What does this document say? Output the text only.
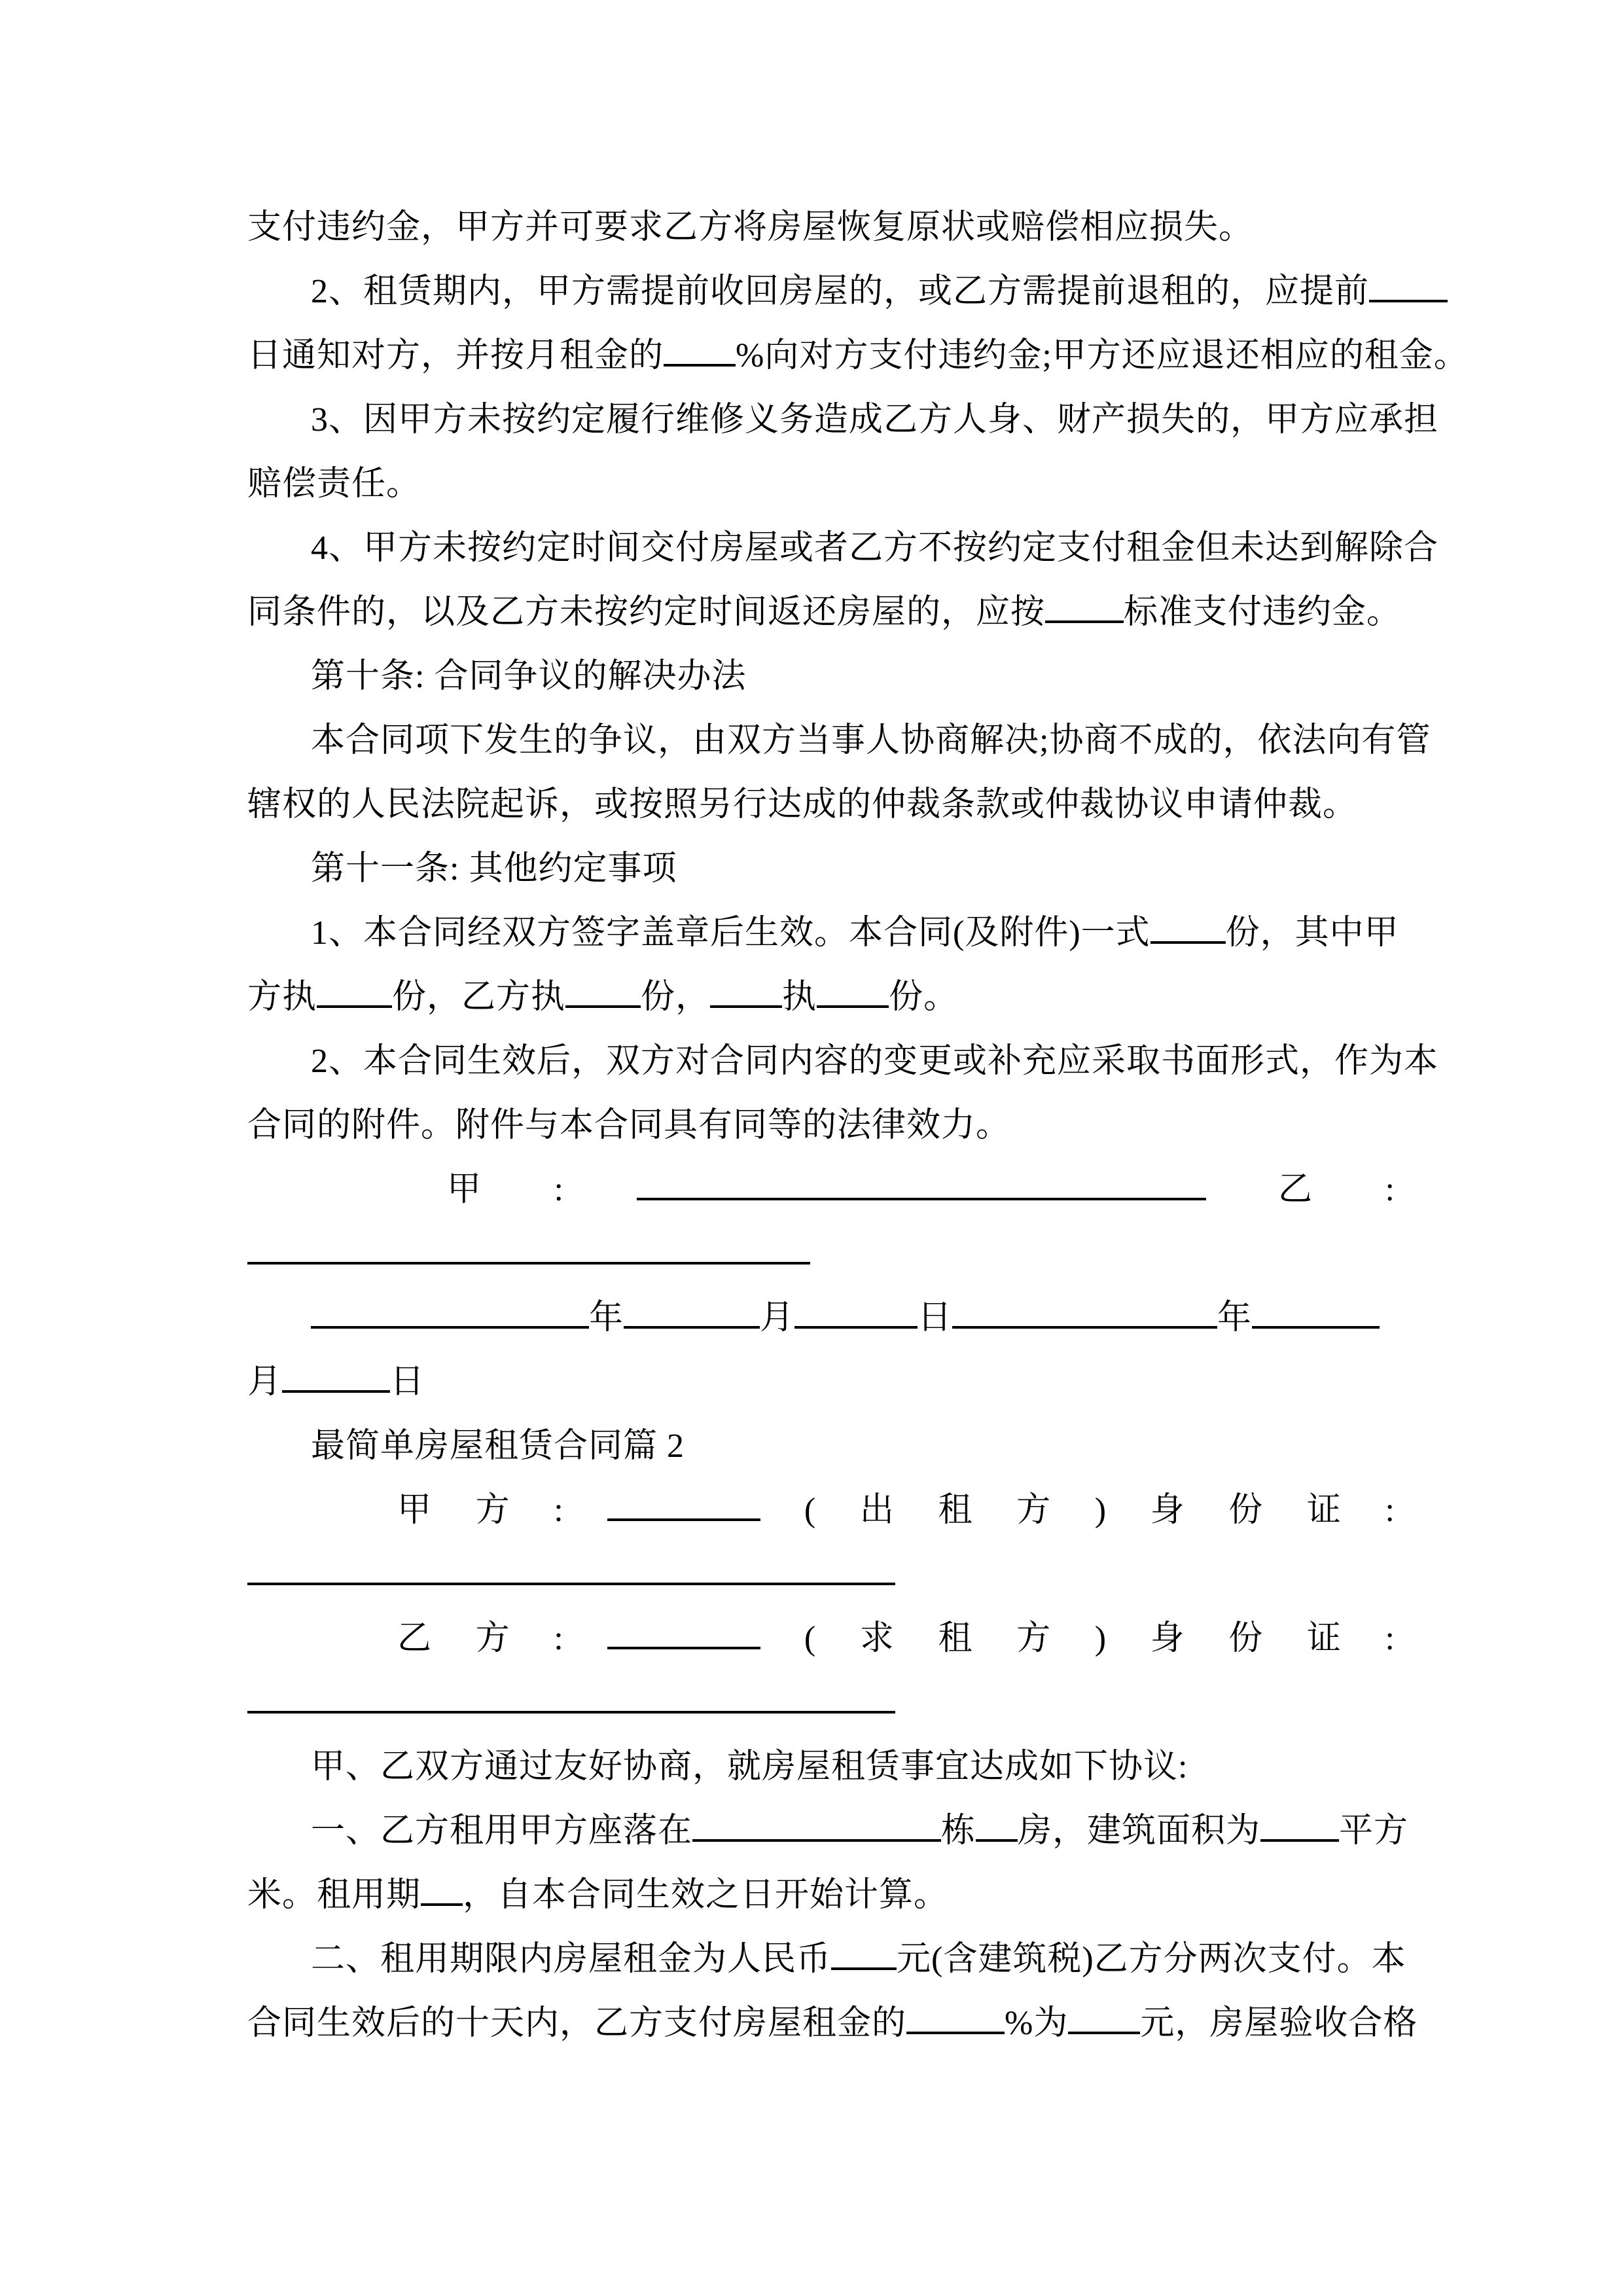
支付违约金，甲方并可要求乙方将房屋恢复原状或赔偿相应损失。
2、租赁期内，甲方需提前收回房屋的，或乙方需提前退租的，应提前
日通知对方，并按月租金的 %向对方支付违约金;甲方还应退还相应的租金。
3、因甲方未按约定履行维修义务造成乙方人身、财产损失的，甲方应承担
赔偿责任。
4、甲方未按约定时间交付房屋或者乙方不按约定支付租金但未达到解除合
同条件的，以及乙方未按约定时间返还房屋的，应按 标准支付违约金。
第十条: 合同争议的解决办法
本合同项下发生的争议，由双方当事人协商解决;协商不成的，依法向有管
辖权的人民法院起诉，或按照另行达成的仲裁条款或仲裁协议申请仲裁。
第十一条: 其他约定事项
1、本合同经双方签字盖章后生效。本合同(及附件)一式 份，其中甲
方执 份，乙方执 份， 执 份。
2、本合同生效后，双方对合同内容的变更或补充应采取书面形式，作为本
合同的附件。附件与本合同具有同等的法律效力。
甲 :	乙 :
年	月	日	年
月	日
最简单房屋租赁合同篇 2
甲 方 :	( 出 租 方 ) 身 份 证 :
乙 方 :	( 求 租 方 ) 身 份 证 :
甲、乙双方通过友好协商，就房屋租赁事宜达成如下协议:
一、乙方租用甲方座落在	栋 房，建筑面积为 平方
米。租用期 ，自本合同生效之日开始计算。
二、租用期限内房屋租金为人民币 元(含建筑税)乙方分两次支付。本
合同生效后的十天内，乙方支付房屋租金的	%为 元，房屋验收合格
